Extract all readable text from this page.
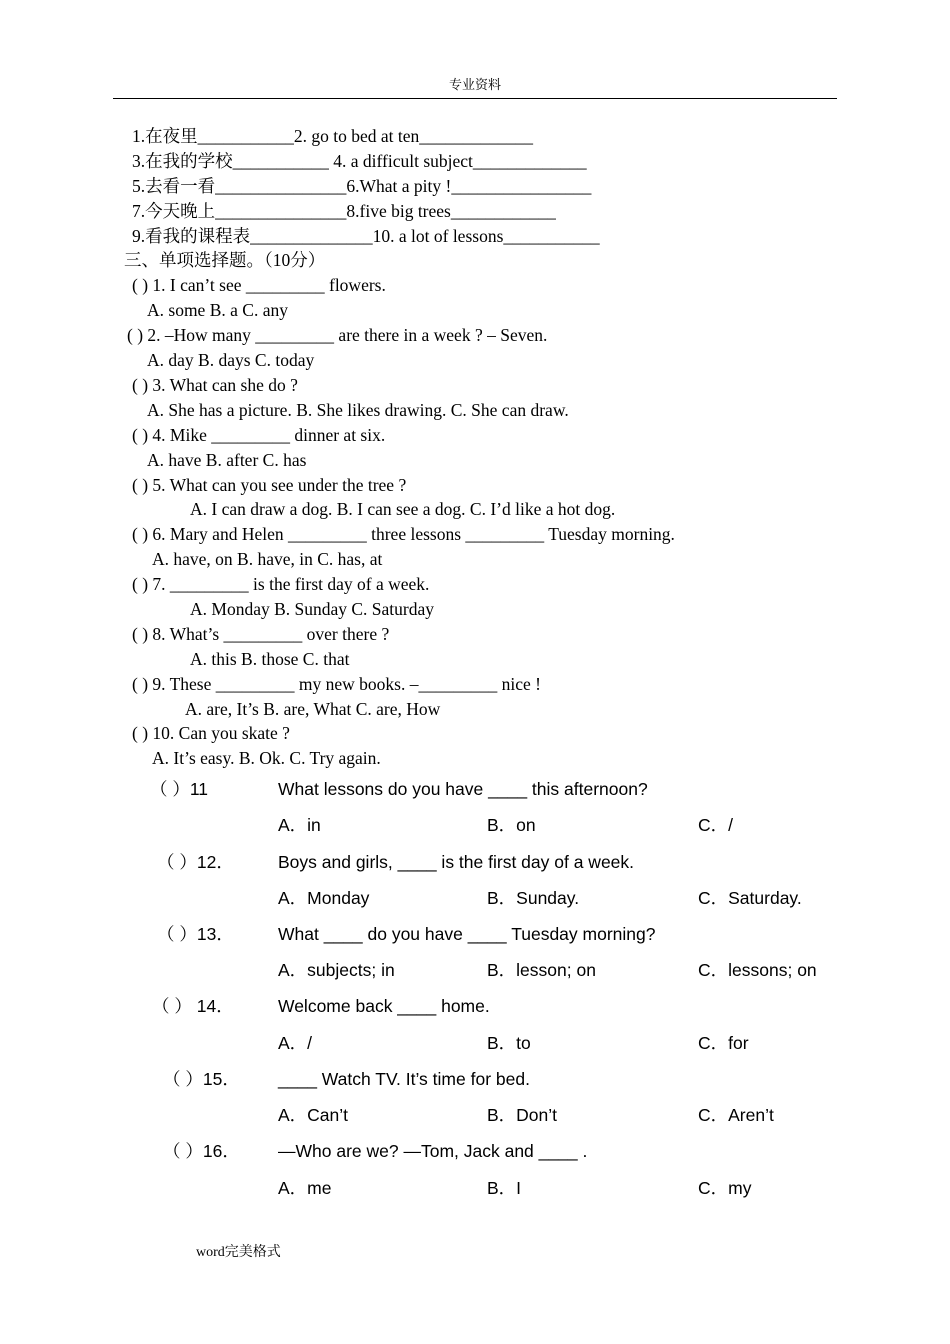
专业资料
1.在夜里___________2. go to bed at ten_____________
3.在我的学校___________ 4. a difficult subject_____________
5.去看一看_______________6.What a pity !________________
7.今天晚上_______________8.five big trees____________
9.看我的课程表______________10. a lot of lessons___________
三、单项选择题。（10分）
( ) 1. I can’t see _________ flowers.
A. some B. a C. any
( ) 2. –How many _________ are there in a week ? – Seven.
A. day B. days C. today
( ) 3. What can she do ?
A. She has a picture. B. She likes drawing. C. She can draw.
( ) 4. Mike _________ dinner at six.
A. have B. after C. has
( ) 5. What can you see under the tree ?
A. I can draw a dog. B. I can see a dog. C. I’d like a hot dog.
( ) 6. Mary and Helen _________ three lessons _________ Tuesday morning.
A. have, on B. have, in C. has, at
( ) 7. _________ is the first day of a week.
A. Monday B. Sunday C. Saturday
( ) 8. What’s _________ over there ?
A. this B. those C. that
( ) 9. These _________ my new books. –_________ nice !
A. are, It’s B. are, What C. are, How
( ) 10. Can you skate ?
A. It’s easy. B. Ok. C. Try again.
（ ）11	What lessons do you have ____ this afternoon?
A．in	B．on	C．/
（ ）12．	Boys and girls, ____ is the first day of a week.
A．Monday	B．Sunday.	C．Saturday.
（ ）13．	What ____ do you have ____ Tuesday morning?
A．subjects; in	B．lesson; on	C．lessons; on
（ ） 14．	Welcome back ____ home.
A．/	B．to	C．for
（ ）15． ____ Watch TV. It’s time for bed.
A．Can’t	B．Don’t	C．Aren’t
（ ）16． —Who are we? —Tom, Jack and ____ .
A．me	B．I	C．my
word完美格式
